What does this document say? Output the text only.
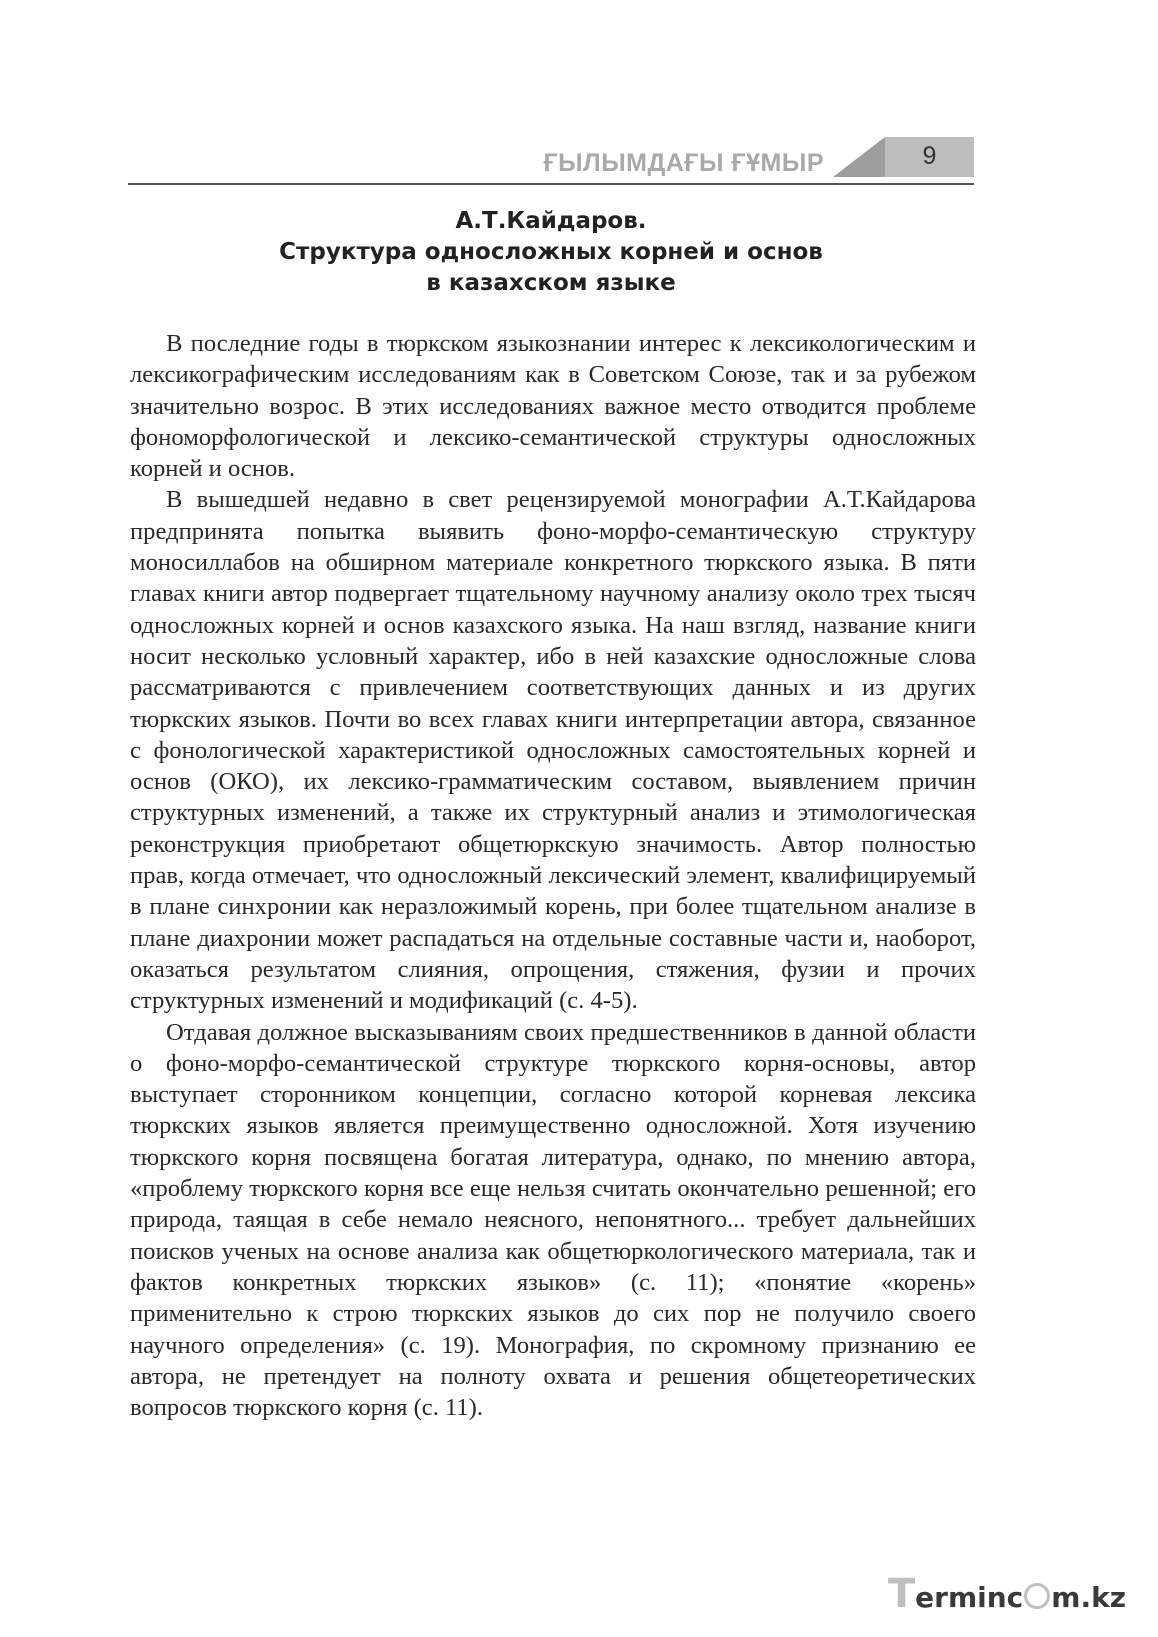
ҒЫЛЫМДАҒЫ ҒҰМЫР	9
А.Т.Кайдаров.
Структура односложных корней и основ
в казахском языке

В последние годы в тюркском языкознании интерес к лексикологическим и лексикографическим исследованиям как в Советском Союзе, так и за рубежом значительно возрос. В этих исследованиях важное место отводится проблеме фономорфологической и лексико-семантической структуры односложных корней и основ.

В вышедшей недавно в свет рецензируемой монографии А.Т.Кайдарова предпринята попытка выявить фоно-морфо-семантическую структуру моносиллабов на обширном материале конкретного тюркского языка. В пяти главах книги автор подвергает тщательному научному анализу около трех тысяч односложных корней и основ казахского языка. На наш взгляд, название книги носит несколько условный характер, ибо в ней казахские односложные слова рассматриваются с привлечением соответствующих данных и из других тюркских языков. Почти во всех главах книги интерпретации автора, связанное с фонологической характеристикой односложных самостоятельных корней и основ (ОКО), их лексико-грамматическим составом, выявлением причин структурных изменений, а также их структурный анализ и этимологическая реконструкция приобретают общетюркскую значимость. Автор полностью прав, когда отмечает, что односложный лексический элемент, квалифицируемый в плане синхронии как неразложимый корень, при более тщательном анализе в плане диахронии может распадаться на отдельные составные части и, наоборот, оказаться результатом слияния, опрощения, стяжения, фузии и прочих структурных изменений и модификаций (с. 4-5).

Отдавая должное высказываниям своих предшественников в данной области о фоно-морфо-семантической структуре тюркского корня-основы, автор выступает сторонником концепции, согласно которой корневая лексика тюркских языков является преимущественно односложной. Хотя изучению тюркского корня посвящена богатая литература, однако, по мнению автора, «проблему тюркского корня все еще нельзя считать окончательно решенной; его природа, таящая в себе немало неясного, непонятного... требует дальнейших поисков ученых на основе анализа как общетюркологического материала, так и фактов конкретных тюркских языков» (с. 11); «понятие «корень» применительно к строю тюркских языков до сих пор не получило своего научного определения» (с. 19). Монография, по скромному признанию ее автора, не претендует на полноту охвата и решения общетеоретических вопросов тюркского корня (с. 11).

Terminc m.kz
